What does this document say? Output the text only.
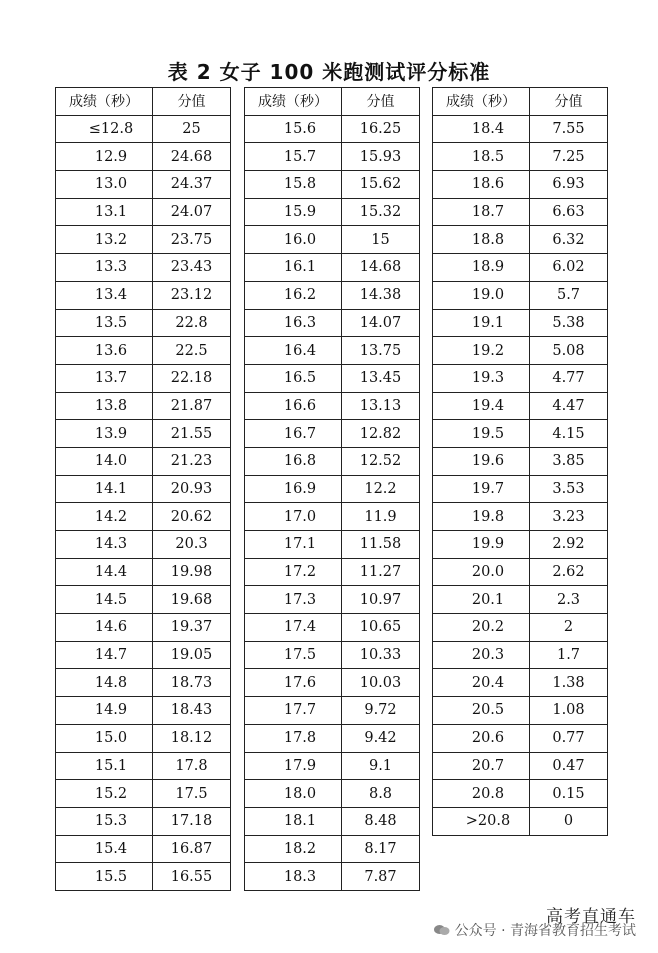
表 2 女子 100 米跑测试评分标准
成绩（秒）	分值
≤12.8	25
12.9	24.68
13.0	24.37
13.1	24.07
13.2	23.75
13.3	23.43
13.4	23.12
13.5	22.8
13.6	22.5
13.7	22.18
13.8	21.87
13.9	21.55
14.0	21.23
14.1	20.93
14.2	20.62
14.3	20.3
14.4	19.98
14.5	19.68
14.6	19.37
14.7	19.05
14.8	18.73
14.9	18.43
15.0	18.12
15.1	17.8
15.2	17.5
15.3	17.18
15.4	16.87
15.5	16.55
成绩（秒）	分值
15.6	16.25
15.7	15.93
15.8	15.62
15.9	15.32
16.0	15
16.1	14.68
16.2	14.38
16.3	14.07
16.4	13.75
16.5	13.45
16.6	13.13
16.7	12.82
16.8	12.52
16.9	12.2
17.0	11.9
17.1	11.58
17.2	11.27
17.3	10.97
17.4	10.65
17.5	10.33
17.6	10.03
17.7	9.72
17.8	9.42
17.9	9.1
18.0	8.8
18.1	8.48
18.2	8.17
18.3	7.87
成绩（秒）	分值
18.4	7.55
18.5	7.25
18.6	6.93
18.7	6.63
18.8	6.32
18.9	6.02
19.0	5.7
19.1	5.38
19.2	5.08
19.3	4.77
19.4	4.47
19.5	4.15
19.6	3.85
19.7	3.53
19.8	3.23
19.9	2.92
20.0	2.62
20.1	2.3
20.2	2
20.3	1.7
20.4	1.38
20.5	1.08
20.6	0.77
20.7	0.47
20.8	0.15
>20.8	0
高考直通车
公众号 · 青海省教育招生考试
